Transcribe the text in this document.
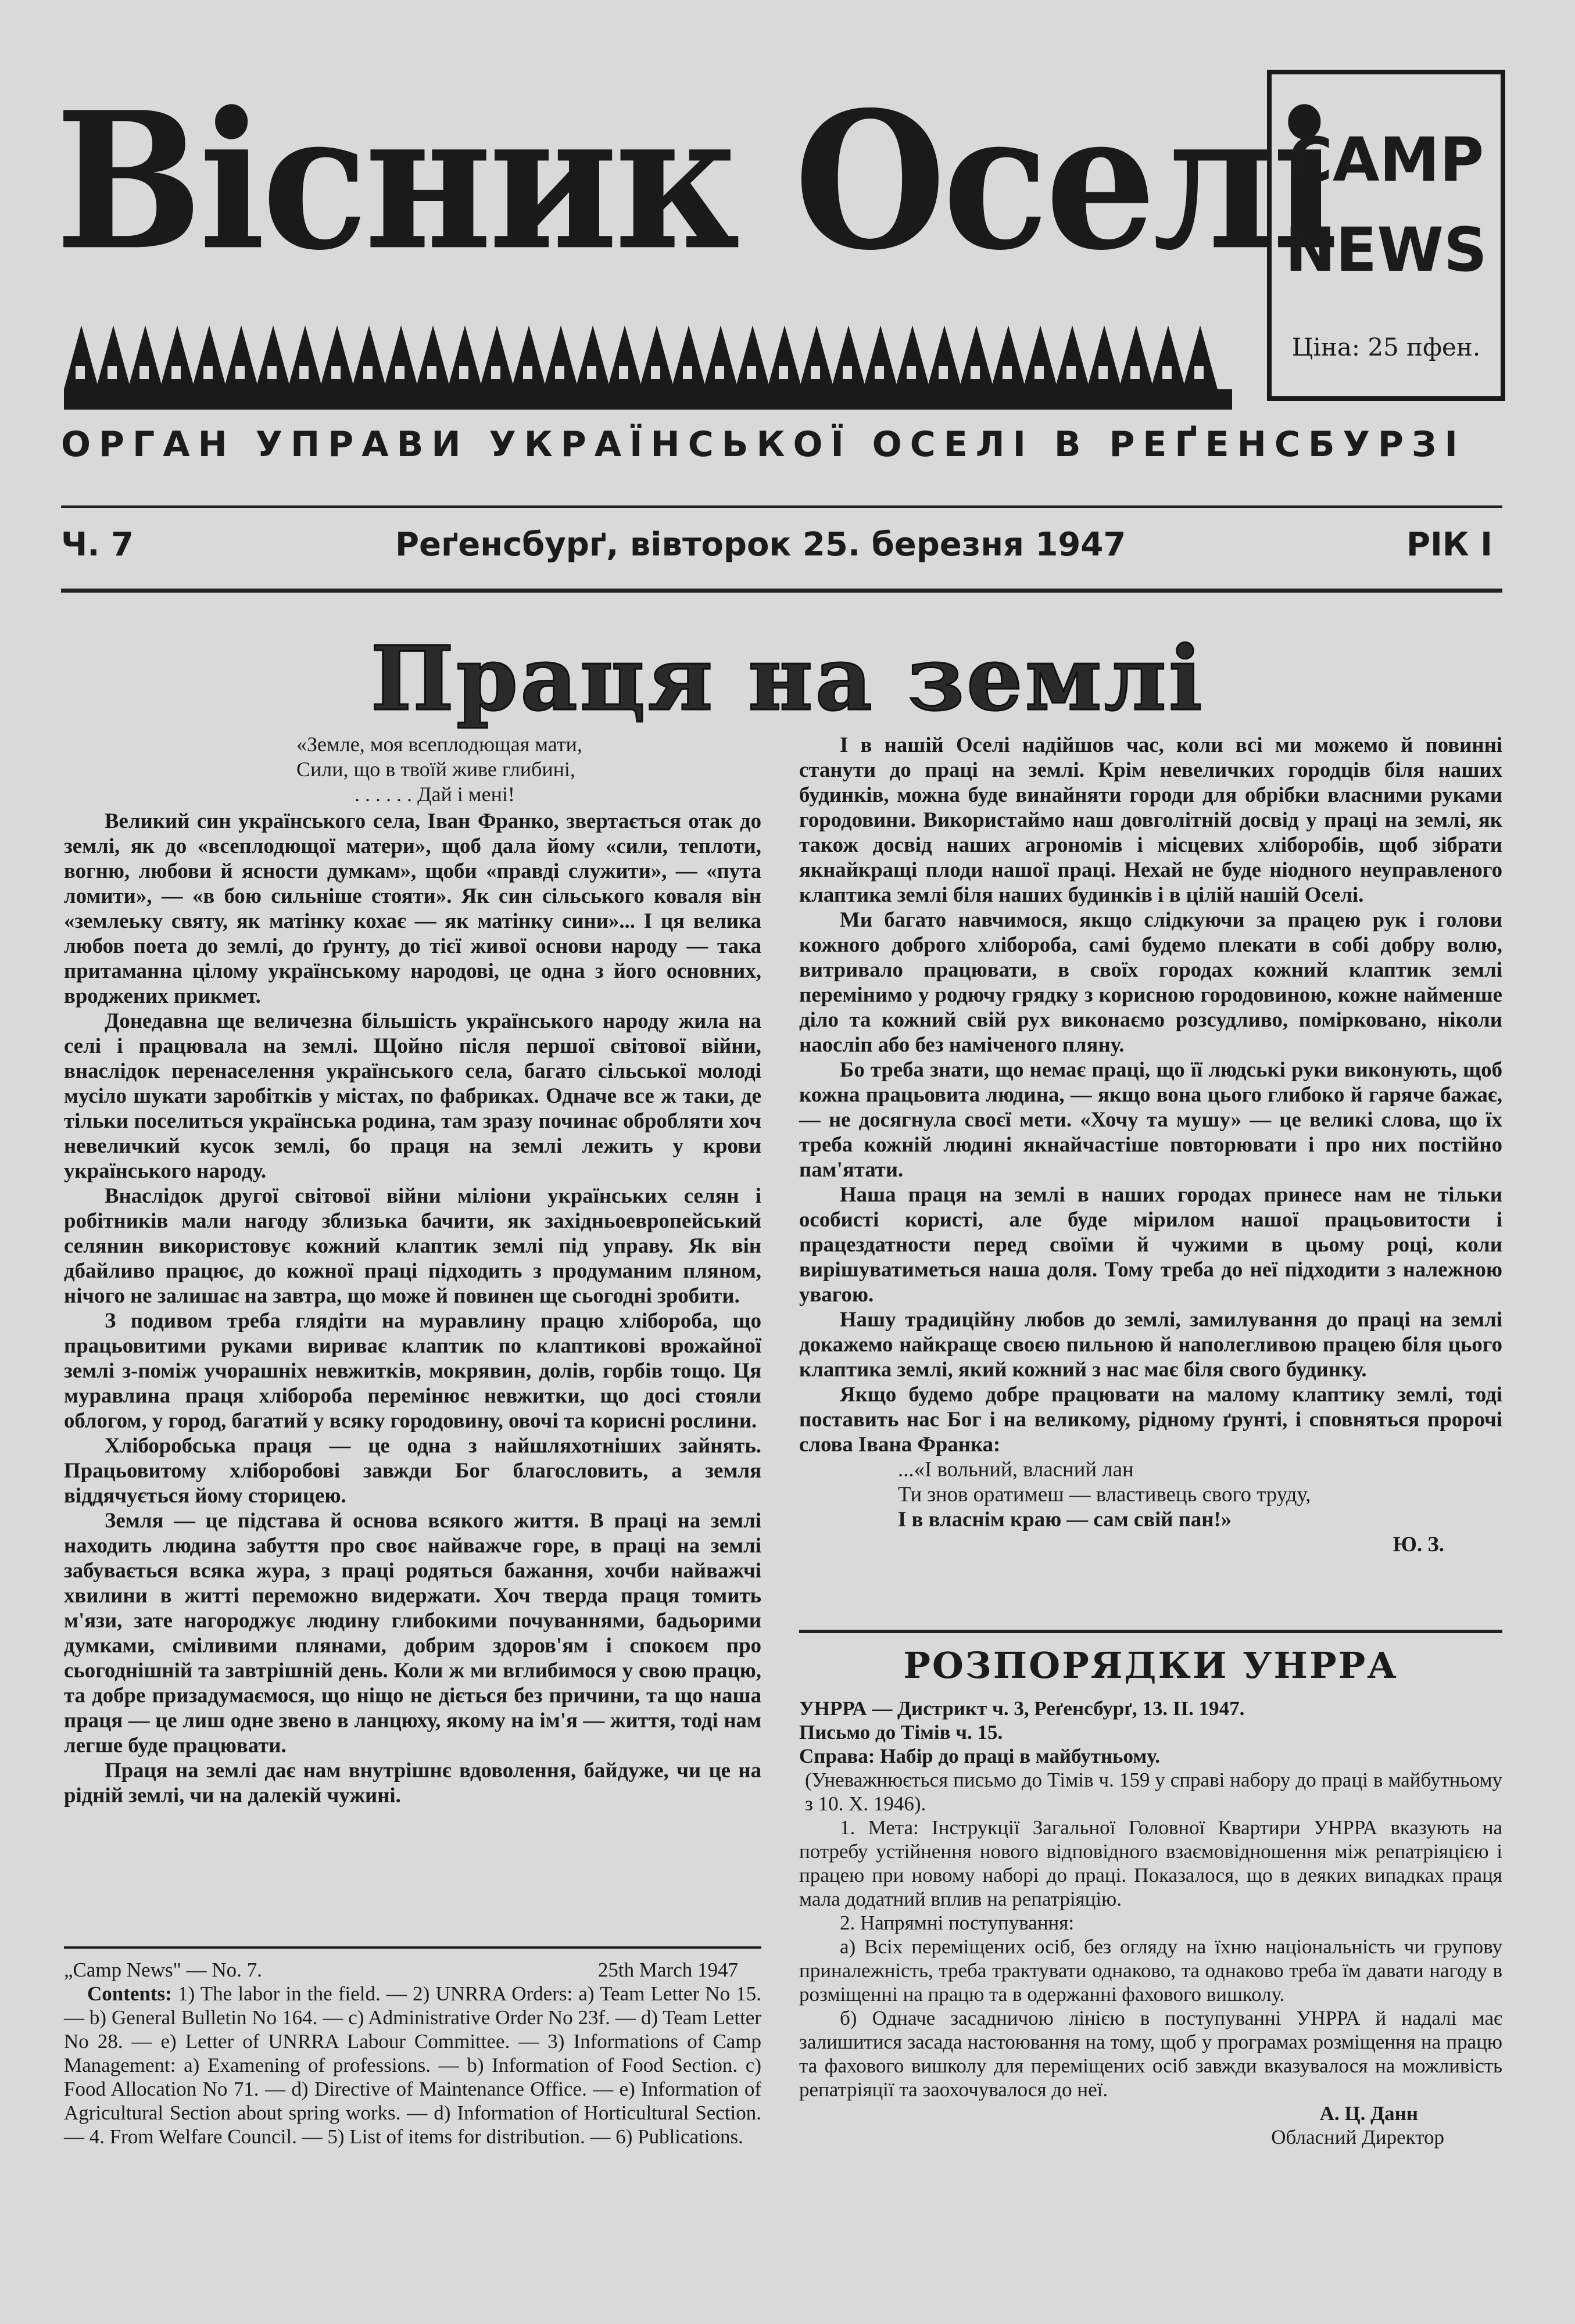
Вісник Оселі
CAMP
NEWS
Ціна: 25 пфен.
ОРГАН УПРАВИ УКРАЇНСЬКОЇ ОСЕЛІ В РЕҐЕНСБУРЗІ
Ч. 7	Реґенсбурґ, вівторок 25. березня 1947	РІК І
Праця на землі
«Земле, моя всеплодющая мати,
Сили, що в твоїй живе глибині,
. . . . . . Дай і мені!

Великий син українського села, Іван Франко, звертається отак до землі, як до «всеплодющої матери», щоб дала йому «сили, теплоти, вогню, любови й ясности думкам», щоби «правді служити», — «пута ломити», — «в бою сильніше стояти». Як син сільського коваля він «землеьку святу, як матінку кохає — як матінку сини»... І ця велика любов поета до землі, до ґрунту, до тієї живої основи народу — така притаманна цілому українському народові, це одна з його основних, вроджених прикмет.

Донедавна ще величезна більшість українського народу жила на селі і працювала на землі. Щойно після першої світової війни, внаслідок перенаселення українського села, багато сільської молоді мусіло шукати заробітків у містах, по фабриках. Одначе все ж таки, де тільки поселиться українська родина, там зразу починає обробляти хоч невеличкий кусок землі, бо праця на землі лежить у крови українського народу.

Внаслідок другої світової війни міліони українських селян і робітників мали нагоду зблизька бачити, як західньоевропейський селянин використовує кожний клаптик землі під управу. Як він дбайливо працює, до кожної праці підходить з продуманим пляном, нічого не залишає на завтра, що може й повинен ще сьогодні зробити.

З подивом треба глядіти на муравлину працю хлібороба, що працьовитими руками вириває клаптик по клаптикові врожайної землі з-поміж учорашніх невжитків, мокрявин, долів, горбів тощо. Ця муравлина праця хлібороба перемінює невжитки, що досі стояли облогом, у город, багатий у всяку городовину, овочі та корисні рослини.

Хліборобська праця — це одна з найшляхотніших зайнять. Працьовитому хліборобові завжди Бог благословить, а земля віддячується йому сторицею.

Земля — це підстава й основа всякого життя. В праці на землі находить людина забуття про своє найважче горе, в праці на землі забувається всяка жура, з праці родяться бажання, хочби найважчі хвилини в житті переможно видержати. Хоч тверда праця томить м'язи, зате нагороджує людину глибокими почуваннями, бадьорими думками, сміливими плянами, добрим здоров'ям і спокоєм про сьогоднішній та завтрішній день. Коли ж ми вглибимося у свою працю, та добре призадумаємося, що ніщо не діється без причини, та що наша праця — це лиш одне звено в ланцюху, якому на ім'я — життя, тоді нам легше буде працювати.

Праця на землі дає нам внутрішнє вдоволення, байдуже, чи це на рідній землі, чи на далекій чужині.

І в нашій Оселі надійшов час, коли всі ми можемо й повинні станути до праці на землі. Крім невеличких городців біля наших будинків, можна буде винайняти городи для обрібки власними руками городовини. Використаймо наш довголітній досвід у праці на землі, як також досвід наших агрономів і місцевих хліборобів, щоб зібрати якнайкращі плоди нашої праці. Нехай не буде ніодного неуправленого клаптика землі біля наших будинків і в цілій нашій Оселі.

Ми багато навчимося, якщо слідкуючи за працею рук і голови кожного доброго хлібороба, самі будемо плекати в собі добру волю, витривало працювати, в своїх городах кожний клаптик землі перемінимо у родючу грядку з корисною городовиною, кожне найменше діло та кожний свій рух виконаємо розсудливо, помірковано, ніколи наосліп або без наміченого пляну.

Бо треба знати, що немає праці, що її людські руки виконують, щоб кожна працьовита людина, — якщо вона цього глибоко й гаряче бажає, — не досягнула своєї мети. «Хочу та мушу» — це великі слова, що їх треба кожній людині якнайчастіше повторювати і про них постійно пам'ятати.

Наша праця на землі в наших городах принесе нам не тільки особисті користі, але буде мірилом нашої працьовитости і працездатности перед своїми й чужими в цьому році, коли вирішуватиметься наша доля. Тому треба до неї підходити з належною увагою.

Нашу традиційну любов до землі, замилування до праці на землі докажемо найкраще своєю пильною й наполегливою працею біля цього клаптика землі, який кожний з нас має біля свого будинку.

Якщо будемо добре працювати на малому клаптику землі, тоді поставить нас Бог і на великому, рідному ґрунті, і сповняться пророчі слова Івана Франка:

...«І вольний, власний лан
Ти знов оратимеш — властивець свого труду,
І в власнім краю — сам свій пан!»
Ю. З.
„Camp News" — No. 7.	25th March 1947

Contents: 1) The labor in the field. — 2) UNRRA Orders: a) Team Letter No 15. — b) General Bulletin No 164. — c) Administrative Order No 23f. — d) Team Letter No 28. — e) Letter of UNRRA Labour Committee. — 3) Informations of Camp Management: a) Examening of professions. — b) Information of Food Section. c) Food Allocation No 71. — d) Directive of Maintenance Office. — e) Information of Agricultural Section about spring works. — d) Information of Horticultural Section. — 4. From Welfare Council. — 5) List of items for distribution. — 6) Publications.

РОЗПОРЯДКИ УНРРА

УНРРА — Дистрикт ч. 3, Реґенсбурґ, 13. II. 1947.

Письмо до Тімів ч. 15.

Справа: Набір до праці в майбутньому.

(Уневажнюється письмо до Тімів ч. 159 у справі набору до праці в майбутньому з 10. X. 1946).

1. Мета: Інструкції Загальної Головної Квартири УНРРА вказують на потребу устійнення нового відповідного взаємовідношення між репатріяцією і працею при новому наборі до праці. Показалося, що в деяких випадках праця мала додатний вплив на репатріяцію.

2. Напрямні поступування:

а) Всіх переміщених осіб, без огляду на їхню національність чи групову приналежність, треба трактувати однаково, та однаково треба їм давати нагоду в розміщенні на працю та в одержанні фахового вишколу.

б) Одначе засадничою лінією в поступуванні УНРРА й надалі має залишитися засада настоювання на тому, щоб у програмах розміщення на працю та фахового вишколу для переміщених осіб завжди вказувалося на можливість репатріяції та заохочувалося до неї.

А. Ц. Данн

Обласний Директор
